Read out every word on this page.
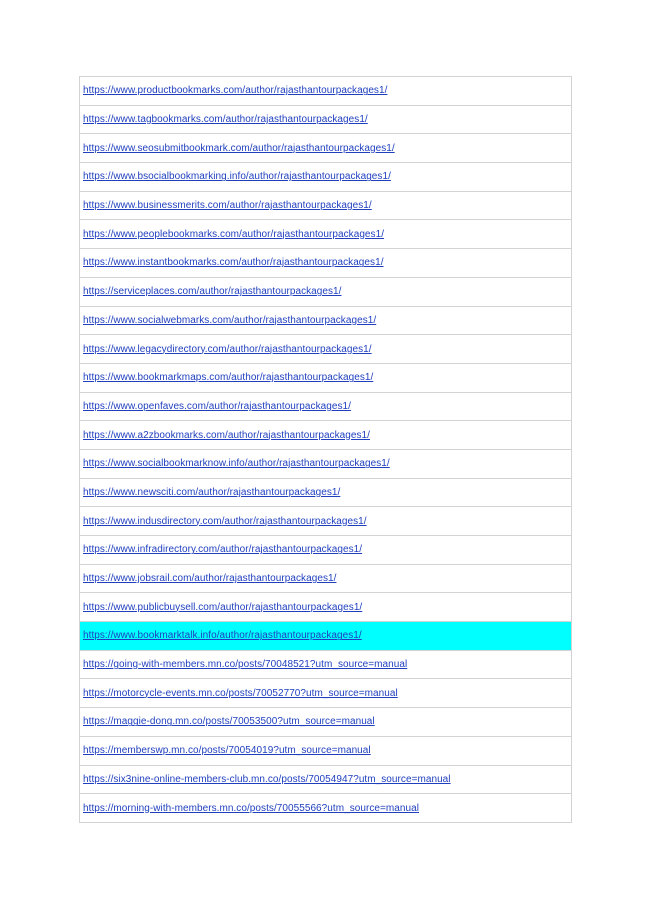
https://www.productbookmarks.com/author/rajasthantourpackages1/
https://www.tagbookmarks.com/author/rajasthantourpackages1/
https://www.seosubmitbookmark.com/author/rajasthantourpackages1/
https://www.bsocialbookmarking.info/author/rajasthantourpackages1/
https://www.businessmerits.com/author/rajasthantourpackages1/
https://www.peoplebookmarks.com/author/rajasthantourpackages1/
https://www.instantbookmarks.com/author/rajasthantourpackages1/
https://serviceplaces.com/author/rajasthantourpackages1/
https://www.socialwebmarks.com/author/rajasthantourpackages1/
https://www.legacydirectory.com/author/rajasthantourpackages1/
https://www.bookmarkmaps.com/author/rajasthantourpackages1/
https://www.openfaves.com/author/rajasthantourpackages1/
https://www.a2zbookmarks.com/author/rajasthantourpackages1/
https://www.socialbookmarknow.info/author/rajasthantourpackages1/
https://www.newsciti.com/author/rajasthantourpackages1/
https://www.indusdirectory.com/author/rajasthantourpackages1/
https://www.infradirectory.com/author/rajasthantourpackages1/
https://www.jobsrail.com/author/rajasthantourpackages1/
https://www.publicbuysell.com/author/rajasthantourpackages1/
https://www.bookmarktalk.info/author/rajasthantourpackages1/
https://going-with-members.mn.co/posts/70048521?utm_source=manual
https://motorcycle-events.mn.co/posts/70052770?utm_source=manual
https://maggie-dong.mn.co/posts/70053500?utm_source=manual
https://memberswp.mn.co/posts/70054019?utm_source=manual
https://six3nine-online-members-club.mn.co/posts/70054947?utm_source=manual
https://morning-with-members.mn.co/posts/70055566?utm_source=manual
